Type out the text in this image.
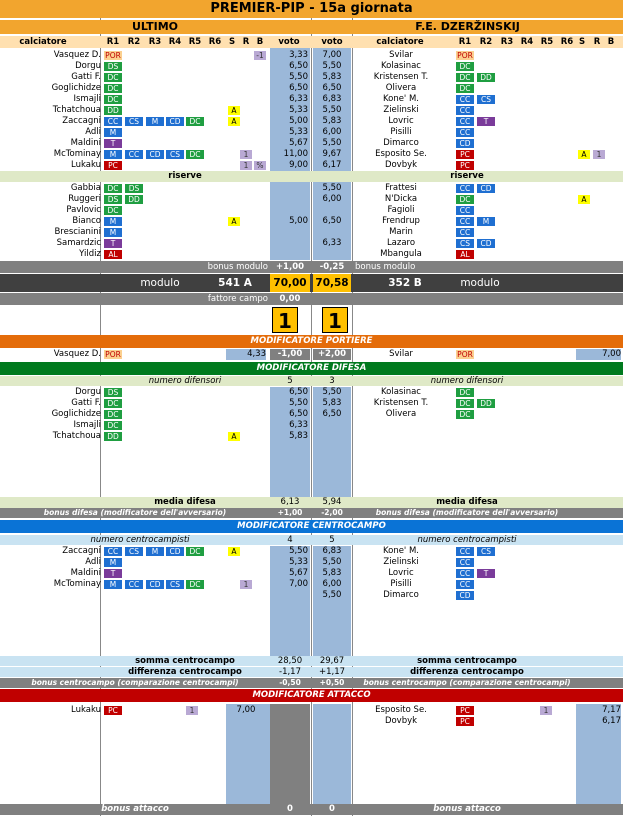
PREMIER-PIP - 15a giornata
ULTIMO	F.E. DZERŽINSKIJ
calciatore	R1	R2	R3 R4 R5 R6 S R B	voto	voto	calciatore	R1	R2	R3 R4 R5 R6 S	R B
Vasquez D. POR	-1	3,33	7,00	Svilar	POR
Dorgu DS	6,50	5,50	Kolasinac	DC
Gatti F. DC	5,50	5,83	Kristensen T.	DC	DD
Goglichidze DC	6,50	6,50	Olivera	DC
Ismajli DC	6,33	6,83	Kone' M.	CC	CS
Tchatchoua DD	A	5,33	5,50	Zielinski	CC
Zaccagni CC	CS	M	CD	DC	A	5,00	5,83	Lovric	CC	T
Adli	M	5,33	6,00	Pisilli	CC
Maldini	T	5,67	5,50	Dimarco	CD
McTominay	M	CC	CD	CS	DC	1	11,00	9,67	Esposito Se.	PC	A	1
Lukaku PC	1	%	9,00	6,17	Dovbyk	PC
riserve	riserve
Gabbia DC	DS	5,50	Frattesi	CC	CD
Ruggeri DS	DD	6,00	N'Dicka	DC	A
Pavlovic DC	Fagioli	CC
Bianco	M	A	5,00	6,50	Frendrup	CC	M
Brescianini	M	Marin	CC
Samardzic	T	6,33	Lazaro	CS	CD
Yildiz AL	Mbangula	AL
bonus modulo +1,00	-0,25	bonus modulo
modulo	541 A	70,00 70,58	352 B	modulo
fattore campo	0,00
1	1
MODIFICATORE PORTIERE
Vasquez D. POR	4,33	-1,00	+2,00	Svilar	POR	7,00
MODIFICATORE DIFESA
numero difensori	5	3	numero difensori
Dorgu DS	6,50	5,50	Kolasinac	DC
Gatti F. DC	5,50	5,83	Kristensen T.	DC	DD
Goglichidze DC	6,50	6,50	Olivera	DC
Ismajli DC	6,33
Tchatchoua DD	A	5,83
media difesa	6,13	5,94	media difesa
bonus difesa (modificatore dell'avversario)	+1,00	-2,00	bonus difesa (modificatore dell'avversario)
MODIFICATORE CENTROCAMPO
numero centrocampisti	4	5	numero centrocampisti
Zaccagni CC	CS	M	CD	DC	A	5,50	6,83	Kone' M.	CC	CS
Adli	M	5,33	5,50	Zielinski	CC
Maldini	T	5,67	5,83	Lovric	CC	T
McTominay	M	CC	CD	CS	DC	1	7,00	6,00	Pisilli	CC
5,50	Dimarco	CD
somma centrocampo	28,50	29,67	somma centrocampo
differenza centrocampo	-1,17	+1,17	differenza centrocampo
bonus centrocampo (comparazione centrocampi)	-0,50	+0,50	bonus centrocampo (comparazione centrocampi)
MODIFICATORE ATTACCO
Lukaku PC	1	7,00	Esposito Se.	PC	1	7,17
Dovbyk	PC	6,17
bonus attacco	0	0	bonus attacco
